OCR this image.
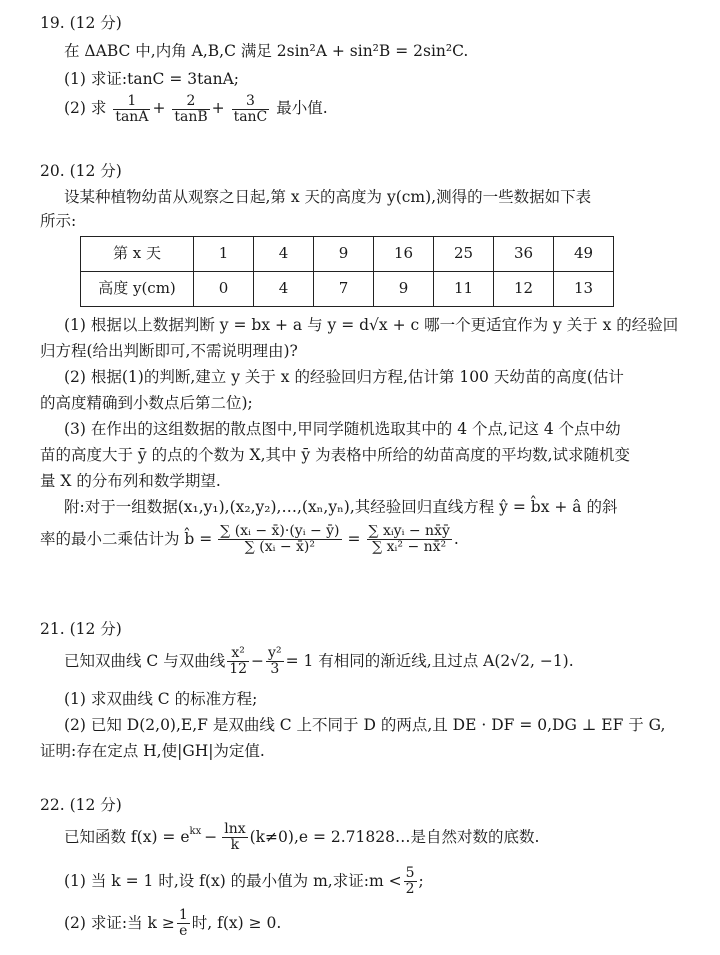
19. (12 分)
在 ΔABC 中,内角 A,B,C 满足 2sin²A + sin²B = 2sin²C.
(1) 求证:tanC = 3tanA;
(2) 求 $\frac{1}{\tan A} + \frac{2}{\tan B} + \frac{3}{\tan C}$ 最小值.
20. (12 分)
设某种植物幼苗从观察之日起,第 x 天的高度为 y(cm),测得的一些数据如下表
所示:
第 x 天	1	4	9	16	25	36	49
高度 y(cm)	0	4	7	9	11	12	13
(1) 根据以上数据判断 y = bx + a 与 y = d√x + c 哪一个更适宜作为 y 关于 x 的经验回
归方程(给出判断即可,不需说明理由)?
(2) 根据(1)的判断,建立 y 关于 x 的经验回归方程,估计第 100 天幼苗的高度(估计
的高度精确到小数点后第二位);
(3) 在作出的这组数据的散点图中,甲同学随机选取其中的 4 个点,记这 4 个点中幼
苗的高度大于 ȳ 的点的个数为 X,其中 ȳ 为表格中所给的幼苗高度的平均数,试求随机变
量 X 的分布列和数学期望.
附:对于一组数据(x₁,y₁),(x₂,y₂),…,(xₙ,yₙ),其经验回归直线方程 ŷ = b̂x + â 的斜
率的最小二乘估计为 b̂ = $\frac{\text{∑ (xᵢ − x̄)·(yᵢ − ȳ)}}{\text{∑ (xᵢ − x̄)²}} = \frac{\text{∑ xᵢyᵢ − nx̄ȳ}}{\text{∑ xᵢ² − nx̄²}}$ .
21. (12 分)
已知双曲线 C 与双曲线 $\frac{\text{x²}}{12} - \frac{\text{y²}}{3} = 1$ 有相同的渐近线,且过点 A(2√2, −1).
(1) 求双曲线 C 的标准方程;
(2) 已知 D(2,0),E,F 是双曲线 C 上不同于 D 的两点,且 DE · DF = 0,DG ⊥ EF 于 G,
证明:存在定点 H,使|GH|为定值.
22. (12 分)
已知函数 $f(x) = e^{kx} - \frac{\ln x}{k} (k\ne 0),e$ = 2.71828…是自然对数的底数.
(1) 当 k = 1 时,设 f(x) 的最小值为 m,求证:m < $\frac{5}{2}$ ;
(2) 求证:当 $k \ge \frac{1}{e}$ 时, f(x) ≥ 0.
